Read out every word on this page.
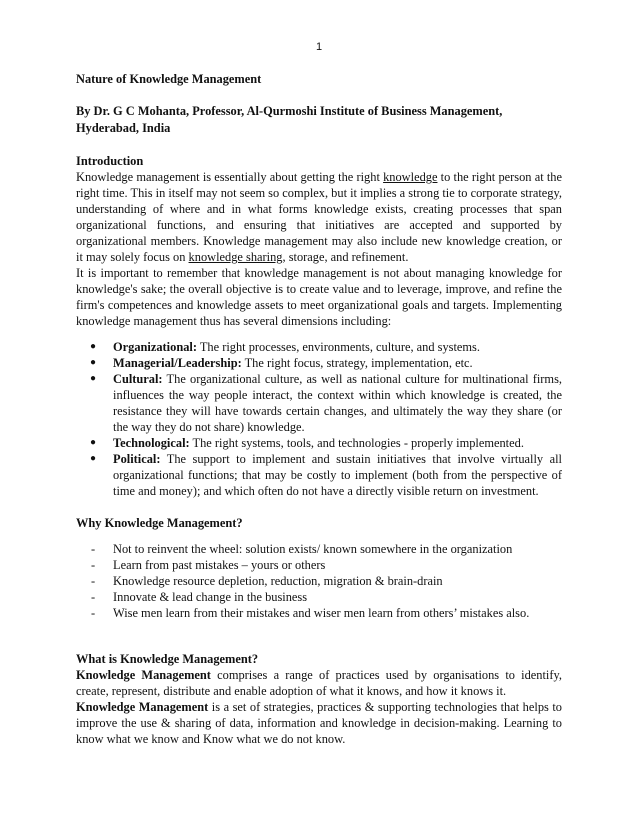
1

Nature of Knowledge Management

By Dr. G C Mohanta, Professor, Al-Qurmoshi Institute of Business Management, Hyderabad, India

Introduction

Knowledge management is essentially about getting the right knowledge to the right person at the right time. This in itself may not seem so complex, but it implies a strong tie to corporate strategy, understanding of where and in what forms knowledge exists, creating processes that span organizational functions, and ensuring that initiatives are accepted and supported by organizational members. Knowledge management may also include new knowledge creation, or it may solely focus on knowledge sharing, storage, and refinement.

It is important to remember that knowledge management is not about managing knowledge for knowledge's sake; the overall objective is to create value and to leverage, improve, and refine the firm's competences and knowledge assets to meet organizational goals and targets. Implementing knowledge management thus has several dimensions including:

● Organizational: The right processes, environments, culture, and systems.
● Managerial/Leadership: The right focus, strategy, implementation, etc.
● Cultural: The organizational culture, as well as national culture for multinational firms, influences the way people interact, the context within which knowledge is created, the resistance they will have towards certain changes, and ultimately the way they share (or the way they do not share) knowledge.
● Technological: The right systems, tools, and technologies - properly implemented.
● Political: The support to implement and sustain initiatives that involve virtually all organizational functions; that may be costly to implement (both from the perspective of time and money); and which often do not have a directly visible return on investment.

Why Knowledge Management?

- Not to reinvent the wheel: solution exists/ known somewhere in the organization
- Learn from past mistakes – yours or others
- Knowledge resource depletion, reduction, migration & brain-drain
- Innovate & lead change in the business
- Wise men learn from their mistakes and wiser men learn from others’ mistakes also.

What is Knowledge Management?

Knowledge Management comprises a range of practices used by organisations to identify, create, represent, distribute and enable adoption of what it knows, and how it knows it.

Knowledge Management is a set of strategies, practices & supporting technologies that helps to improve the use & sharing of data, information and knowledge in decision-making. Learning to know what we know and Know what we do not know.
